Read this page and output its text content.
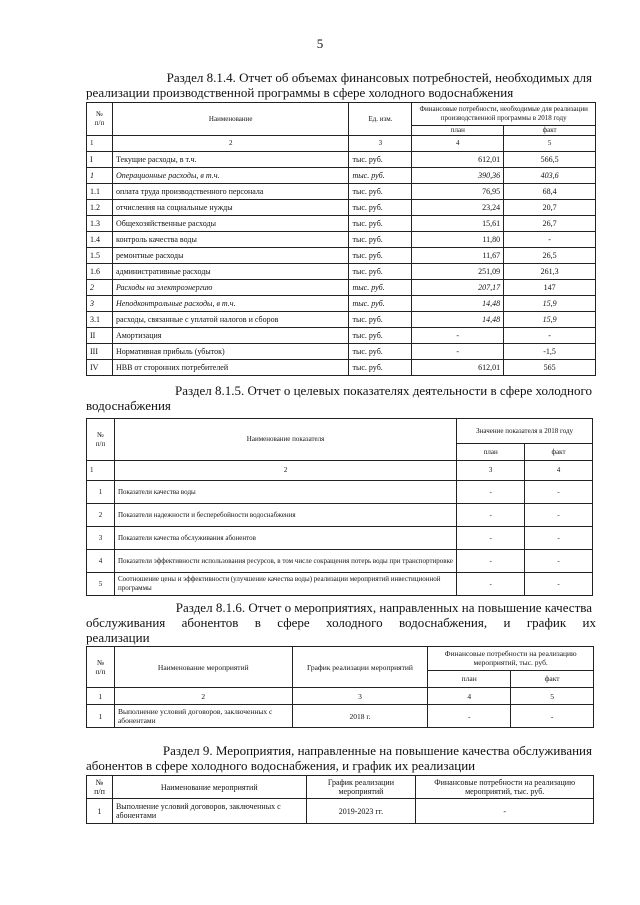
5
Раздел 8.1.4. Отчет об объемах финансовых потребностей, необходимых для
реализации производственной программы в сфере холодного водоснабжения
№
п/п	Наименование	Ед. изм.	Финансовые потребности, необходимые для реализации производственной программы в 2018 году	
			план	факт
1	2	3	4	5
I	Текущие расходы, в т.ч.	тыс. руб.	612,01	566,5
1	Операционные расходы, в т.ч.	тыс. руб.	390,36	403,6
1.1	оплата труда производственного персонала	тыс. руб.	76,95	68,4
1.2	отчисления на социальные нужды	тыс. руб.	23,24	20,7
1.3	Общехозяйственные расходы	тыс. руб.	15,61	26,7
1.4	контроль качества воды	тыс. руб.	11,80	-
1.5	ремонтные расходы	тыс. руб.	11,67	26,5
1.6	административные расходы	тыс. руб.	251,09	261,3
2	Расходы на электроэнергию	тыс. руб.	207,17	147
3	Неподконтрольные расходы, в т.ч.	тыс. руб.	14,48	15,9
3.1	расходы, связанные с уплатой налогов и сборов	тыс. руб.	14,48	15,9
II	Амортизация	тыс. руб.	-	-
III	Нормативная прибыль (убыток)	тыс. руб.	-	-1,5
IV	НВВ от сторонних потребителей	тыс. руб.	612,01	565
Раздел 8.1.5. Отчет о целевых показателях деятельности в сфере холодного
водоснабжения
№
п/п	Наименование показателя	Значение показателя в 2018 году	
		план	факт
1	2	3	4
1	Показатели качества воды	-	-
2	Показатели надежности и бесперебойности водоснабжения	-	-
3	Показатели качества обслуживания абонентов	-	-
4	Показатели эффективности использования ресурсов, в том числе сокращения потерь воды при транспортировке	-	-
5	Соотношение цены и эффективности (улучшение качества воды) реализации мероприятий инвестиционной программы	-	-
Раздел 8.1.6. Отчет о мероприятиях, направленных на повышение качества
обслуживания абонентов в сфере холодного водоснабжения, и график их
реализации
№
п/п	Наименование мероприятий	График реализации мероприятий	Финансовые потребности на реализацию мероприятий, тыс. руб.	
			план	факт
1	2	3	4	5
1	Выполнение условий договоров, заключенных с абонентами	2018 г.	-	-
Раздел 9. Мероприятия, направленные на повышение качества обслуживания
абонентов в сфере холодного водоснабжения, и график их реализации
№
п/п	Наименование мероприятий	График реализации мероприятий	Финансовые потребности на реализацию мероприятий, тыс. руб.
1	Выполнение условий договоров, заключенных с абонентами	2019-2023 гг.	-
